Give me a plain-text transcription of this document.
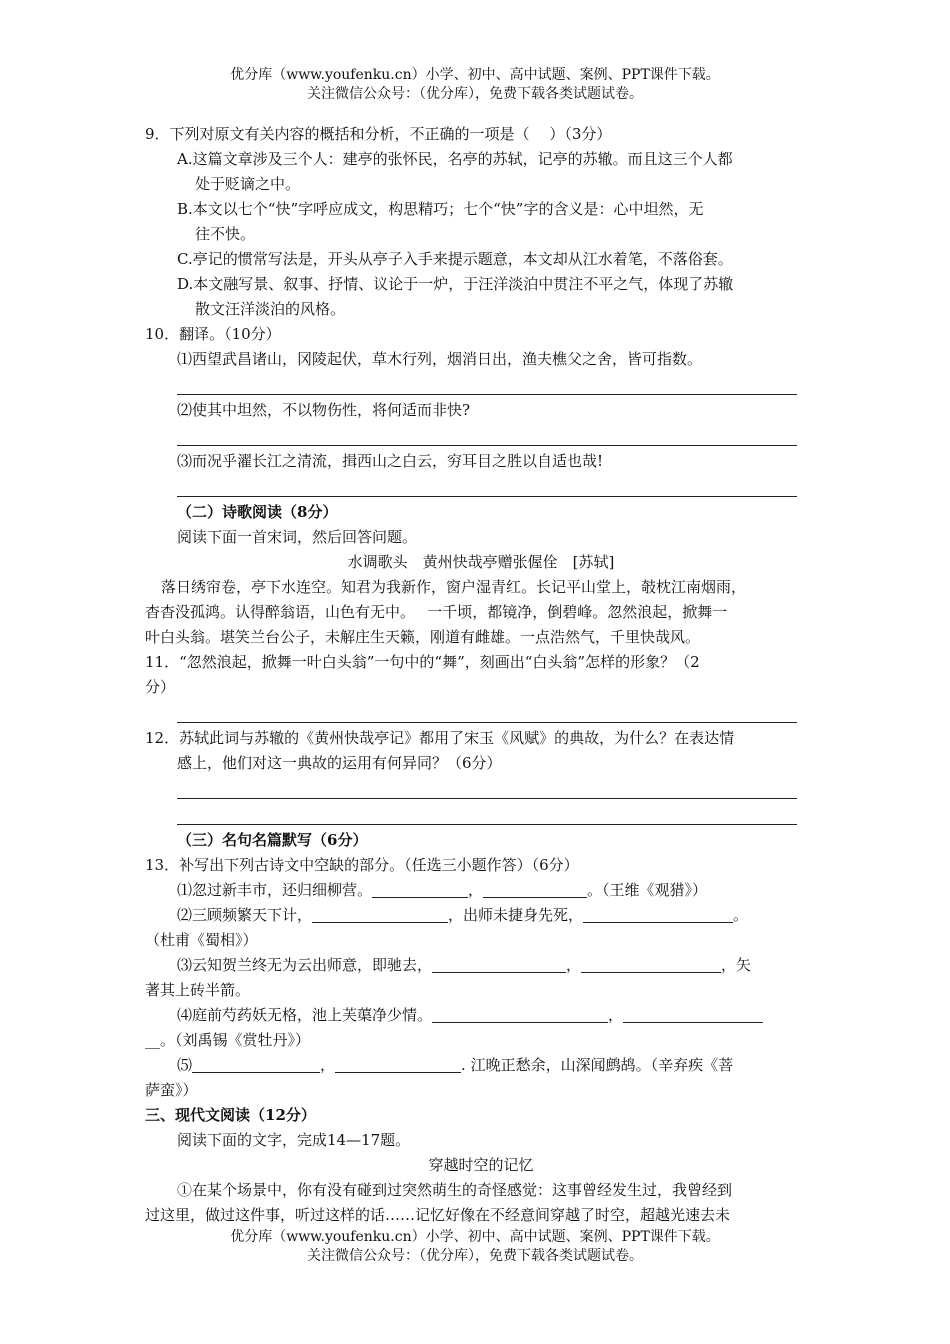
优分库（www.youfenku.cn）小学、初中、高中试题、案例、PPT课件下载。
关注微信公众号：（优分库），免费下载各类试题试卷。
9．下列对原文有关内容的概括和分析，不正确的一项是（　 ）（3分）
A.这篇文章涉及三个人：建亭的张怀民，名亭的苏轼，记亭的苏辙。而且这三个人都
处于贬谪之中。
B.本文以七个“快”字呼应成文，构思精巧；七个“快”字的含义是：心中坦然，无
往不快。
C.亭记的惯常写法是，开头从亭子入手来提示题意，本文却从江水着笔，不落俗套。
D.本文融写景、叙事、抒情、议论于一炉，于汪洋淡泊中贯注不平之气，体现了苏辙
散文汪洋淡泊的风格。
10．翻译。（10分）
⑴西望武昌诸山，冈陵起伏，草木行列，烟消日出，渔夫樵父之舍，皆可指数。
⑵使其中坦然，不以物伤性，将何适而非快?
⑶而况乎濯长江之清流，揖西山之白云，穷耳目之胜以自适也哉!
（二）诗歌阅读（8分）
阅读下面一首宋词，然后回答问题。
水调歌头　黄州快哉亭赠张偓佺　[苏轼]
落日绣帘卷，亭下水连空。知君为我新作，窗户湿青红。长记平山堂上，攲枕江南烟雨，
杳杳没孤鸿。认得醉翁语，山色有无中。　 一千顷，都镜净，倒碧峰。忽然浪起，掀舞一
叶白头翁。堪笑兰台公子，未解庄生天籁，刚道有雌雄。一点浩然气，千里快哉风。
11．“忽然浪起，掀舞一叶白头翁”一句中的“舞”，刻画出“白头翁”怎样的形象？（2
分）
12．苏轼此词与苏辙的《黄州快哉亭记》都用了宋玉《风赋》的典故，为什么？在表达情
感上，他们对这一典故的运用有何异同？（6分）
（三）名句名篇默写（6分）
13．补写出下列古诗文中空缺的部分。（任选三小题作答）（6分）
⑴忽过新丰市，还归细柳营。	，	。（王维《观猎》）
⑵三顾频繁天下计，	，出师未捷身先死，	。
（杜甫《蜀相》）
⑶云知贺兰终无为云出师意，即驰去，	，	，矢
著其上砖半箭。
⑷庭前芍药妖无格，池上芙蕖净少情。	，
__。（刘禹锡《赏牡丹》）
⑸	，	. 江晚正愁余，山深闻鹧鸪。（辛弃疾《菩
萨蛮》）
三、现代文阅读（12分）
阅读下面的文字，完成14—17题。
穿越时空的记忆
①在某个场景中，你有没有碰到过突然萌生的奇怪感觉：这事曾经发生过，我曾经到
过这里，做过这件事，听过这样的话……记忆好像在不经意间穿越了时空，超越光速去未
优分库（www.youfenku.cn）小学、初中、高中试题、案例、PPT课件下载。
关注微信公众号：（优分库），免费下载各类试题试卷。
